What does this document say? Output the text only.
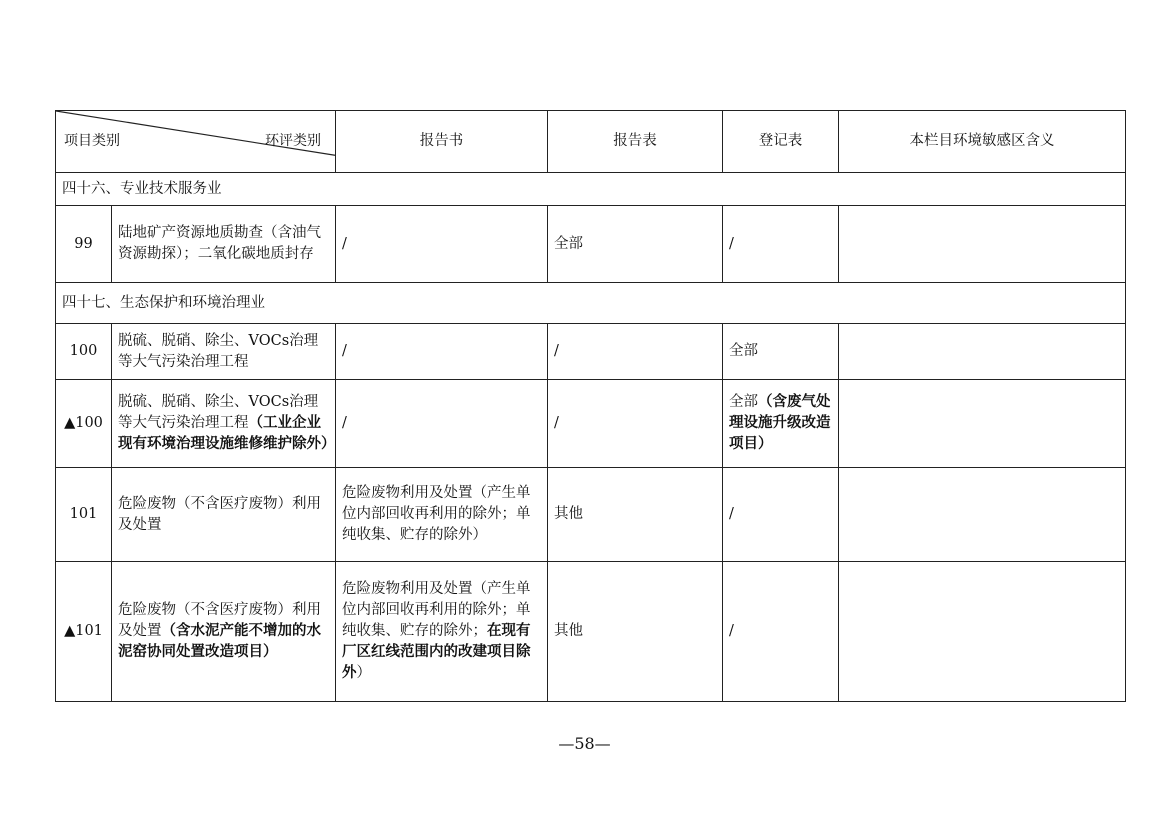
项目类别 环评类别		报告书	报告表	登记表	本栏目环境敏感区含义
四十六、专业技术服务业					
99	陆地矿产资源地质勘查（含油气资源勘探）；二氧化碳地质封存	/	全部	/	
四十七、生态保护和环境治理业					
100	脱硫、脱硝、除尘、VOCs治理等大气污染治理工程	/	/	全部	
▲100	脱硫、脱硝、除尘、VOCs治理等大气污染治理工程（工业企业现有环境治理设施维修维护除外）	/	/	全部（含废气处理设施升级改造项目）	
101	危险废物（不含医疗废物）利用及处置	危险废物利用及处置（产生单位内部回收再利用的除外；单纯收集、贮存的除外）	其他	/	
▲101	危险废物（不含医疗废物）利用及处置（含水泥产能不增加的水泥窑协同处置改造项目）	危险废物利用及处置（产生单位内部回收再利用的除外；单纯收集、贮存的除外；在现有厂区红线范围内的改建项目除外）	其他	/	
—58—
